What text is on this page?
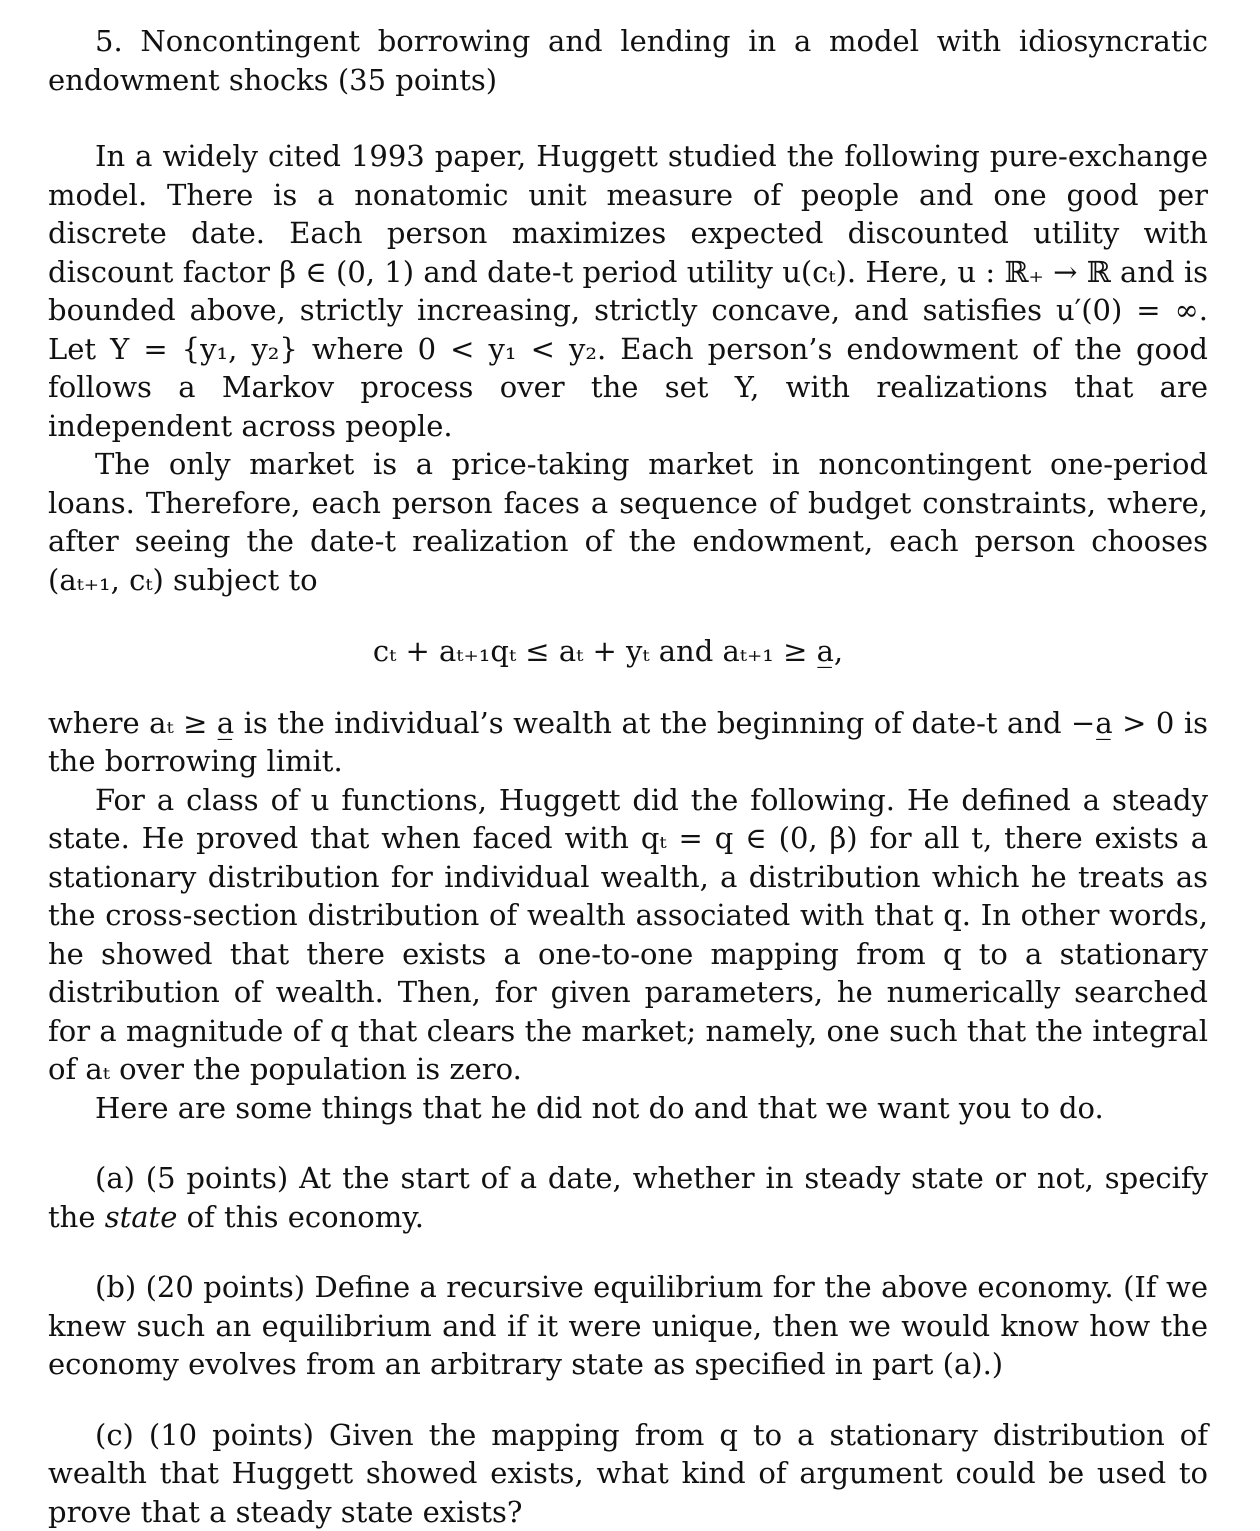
5. Noncontingent borrowing and lending in a model with idiosyncratic endowment shocks (35 points)

In a widely cited 1993 paper, Huggett studied the following pure-exchange model. There is a nonatomic unit measure of people and one good per discrete date. Each person maximizes expected discounted utility with discount factor β ∈ (0, 1) and date-t period utility u(cₜ). Here, u : ℝ₊ → ℝ and is bounded above, strictly increasing, strictly concave, and satisfies u′(0) = ∞. Let Y = {y₁, y₂} where 0 < y₁ < y₂. Each person’s endowment of the good follows a Markov process over the set Y, with realizations that are independent across people.

The only market is a price-taking market in noncontingent one-period loans. Therefore, each person faces a sequence of budget constraints, where, after seeing the date-t realization of the endowment, each person chooses (aₜ₊₁, cₜ) subject to

cₜ + aₜ₊₁qₜ ≤ aₜ + yₜ and aₜ₊₁ ≥ a̲,

where aₜ ≥ a̲ is the individual’s wealth at the beginning of date-t and −a̲ > 0 is the borrowing limit.

For a class of u functions, Huggett did the following. He defined a steady state. He proved that when faced with qₜ = q ∈ (0, β) for all t, there exists a stationary distribution for individual wealth, a distribution which he treats as the cross-section distribution of wealth associated with that q. In other words, he showed that there exists a one-to-one mapping from q to a stationary distribution of wealth. Then, for given parameters, he numerically searched for a magnitude of q that clears the market; namely, one such that the integral of aₜ over the population is zero.

Here are some things that he did not do and that we want you to do.

(a) (5 points) At the start of a date, whether in steady state or not, specify the state of this economy.

(b) (20 points) Define a recursive equilibrium for the above economy. (If we knew such an equilibrium and if it were unique, then we would know how the economy evolves from an arbitrary state as specified in part (a).)

(c) (10 points) Given the mapping from q to a stationary distribution of wealth that Huggett showed exists, what kind of argument could be used to prove that a steady state exists?
